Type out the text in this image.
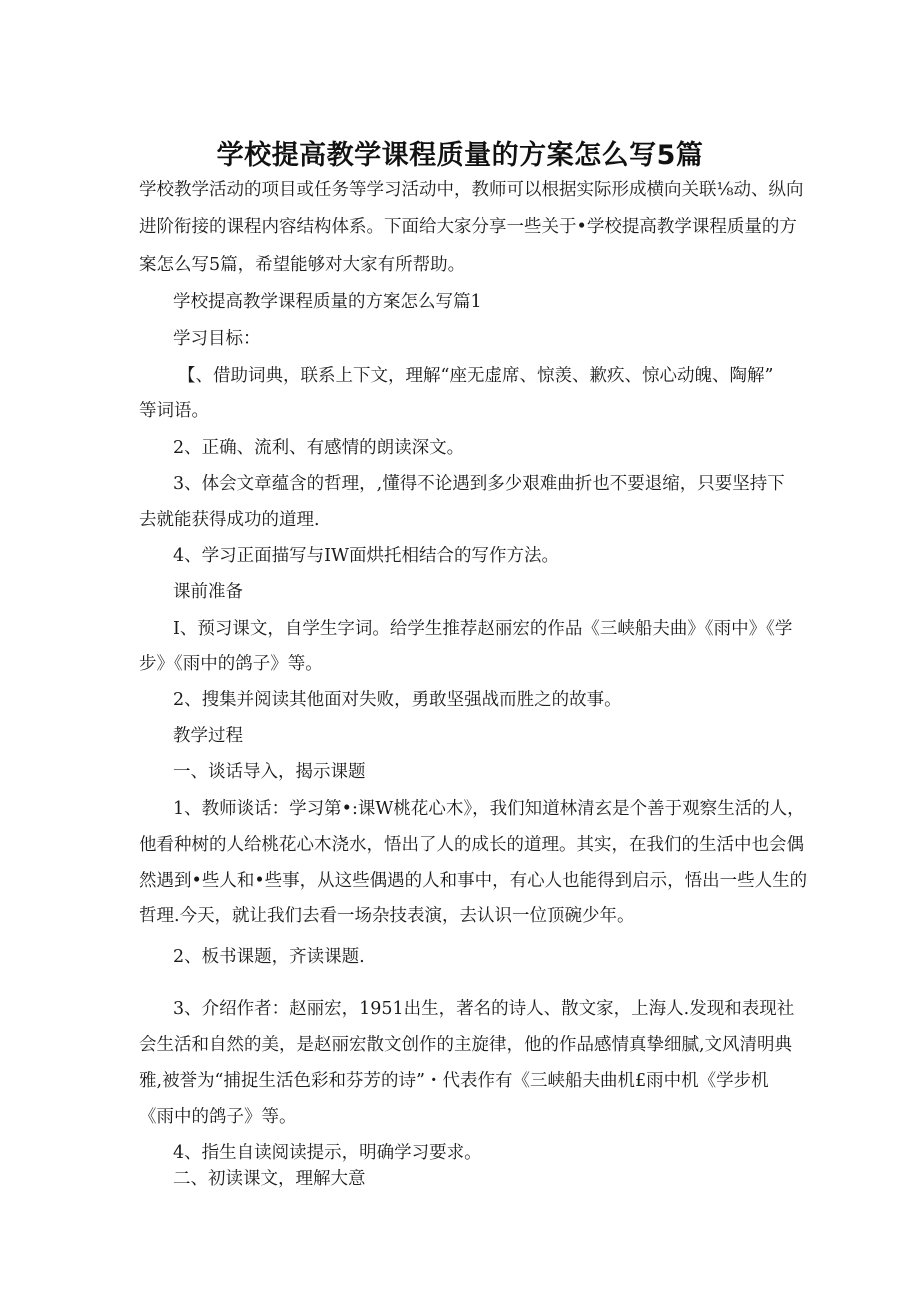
学校提高教学课程质量的方案怎么写5篇
学校教学活动的项目或任务等学习活动中，教师可以根据实际形成横向关联⅛动、纵向
进阶衔接的课程内容结构体系。下面给大家分享一些关于•学校提高教学课程质量的方
案怎么写5篇，希望能够对大家有所帮助。
学校提高教学课程质量的方案怎么写篇1
学习目标：
【、借助词典，联系上下文，理解“座无虚席、惊羡、歉疚、惊心动魄、陶解”
等词语。
2、正确、流利、有感情的朗读深文。
3、体会文章蕴含的哲理，,懂得不论遇到多少艰难曲折也不要退缩，只要坚持下
去就能获得成功的道理.
4、学习正面描写与IW面烘托相结合的写作方法。
课前准备
I、预习课文，自学生字词。给学生推荐赵丽宏的作品《三峡船夫曲》《雨中》《学
步》《雨中的鸽子》等。
2、搜集并阅读其他面对失败，勇敢坚强战而胜之的故事。
教学过程
一、谈话导入，揭示课题
1、教师谈话：学习第•:课W桃花心木》，我们知道林清玄是个善于观察生活的人，
他看种树的人给桃花心木浇水，悟出了人的成长的道理。其实，在我们的生活中也会偶
然遇到•些人和•些事，从这些偶遇的人和事中，有心人也能得到启示，悟出一些人生的
哲理.今天，就让我们去看一场杂技表演，去认识一位顶碗少年。
2、板书课题，齐读课题.
3、介绍作者：赵丽宏，1951出生，著名的诗人、散文家，上海人.发现和表现社
会生活和自然的美，是赵丽宏散文创作的主旋律，他的作品感情真挚细腻,文风清明典
雅,被誉为“捕捉生活色彩和芬芳的诗”・代表作有《三峡船夫曲机£雨中机《学步机
《雨中的鸽子》等。
4、指生自读阅读提示，明确学习要求。
二、初读课文，理解大意
